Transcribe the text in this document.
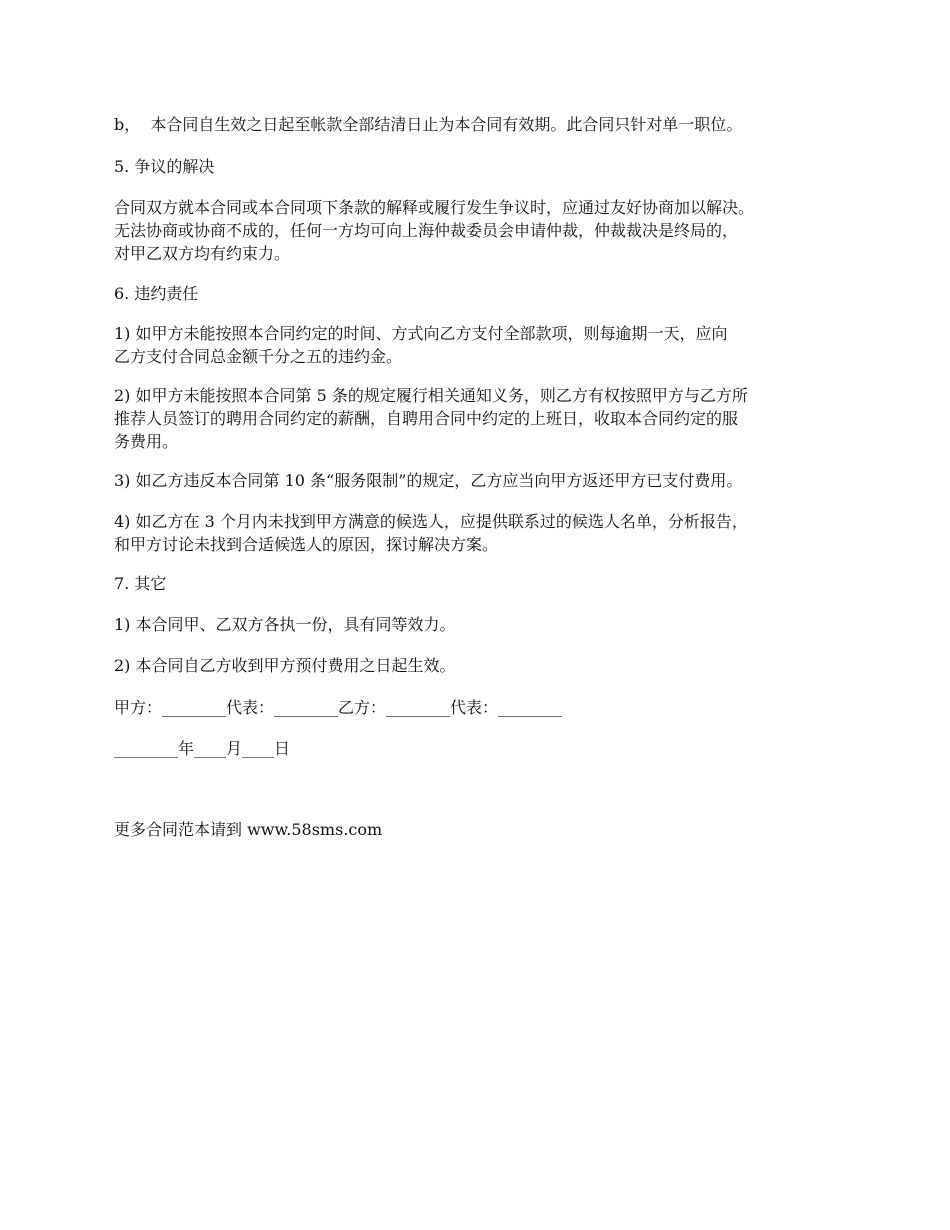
b，  本合同自生效之日起至帐款全部结清日止为本合同有效期。此合同只针对单一职位。
5. 争议的解决
合同双方就本合同或本合同项下条款的解释或履行发生争议时，应通过友好协商加以解决。
无法协商或协商不成的，任何一方均可向上海仲裁委员会申请仲裁，仲裁裁决是终局的，
对甲乙双方均有约束力。
6. 违约责任
1) 如甲方未能按照本合同约定的时间、方式向乙方支付全部款项，则每逾期一天，应向
乙方支付合同总金额千分之五的违约金。
2) 如甲方未能按照本合同第 5 条的规定履行相关通知义务，则乙方有权按照甲方与乙方所
推荐人员签订的聘用合同约定的薪酬，自聘用合同中约定的上班日，收取本合同约定的服
务费用。
3) 如乙方违反本合同第 10 条“服务限制”的规定，乙方应当向甲方返还甲方已支付费用。
4) 如乙方在 3 个月内未找到甲方满意的候选人，应提供联系过的候选人名单，分析报告，
和甲方讨论未找到合适候选人的原因，探讨解决方案。
7. 其它
1) 本合同甲、乙双方各执一份，具有同等效力。
2) 本合同自乙方收到甲方预付费用之日起生效。
甲方：________代表：________乙方：________代表：________
________年____月____日
更多合同范本请到 www.58sms.com
